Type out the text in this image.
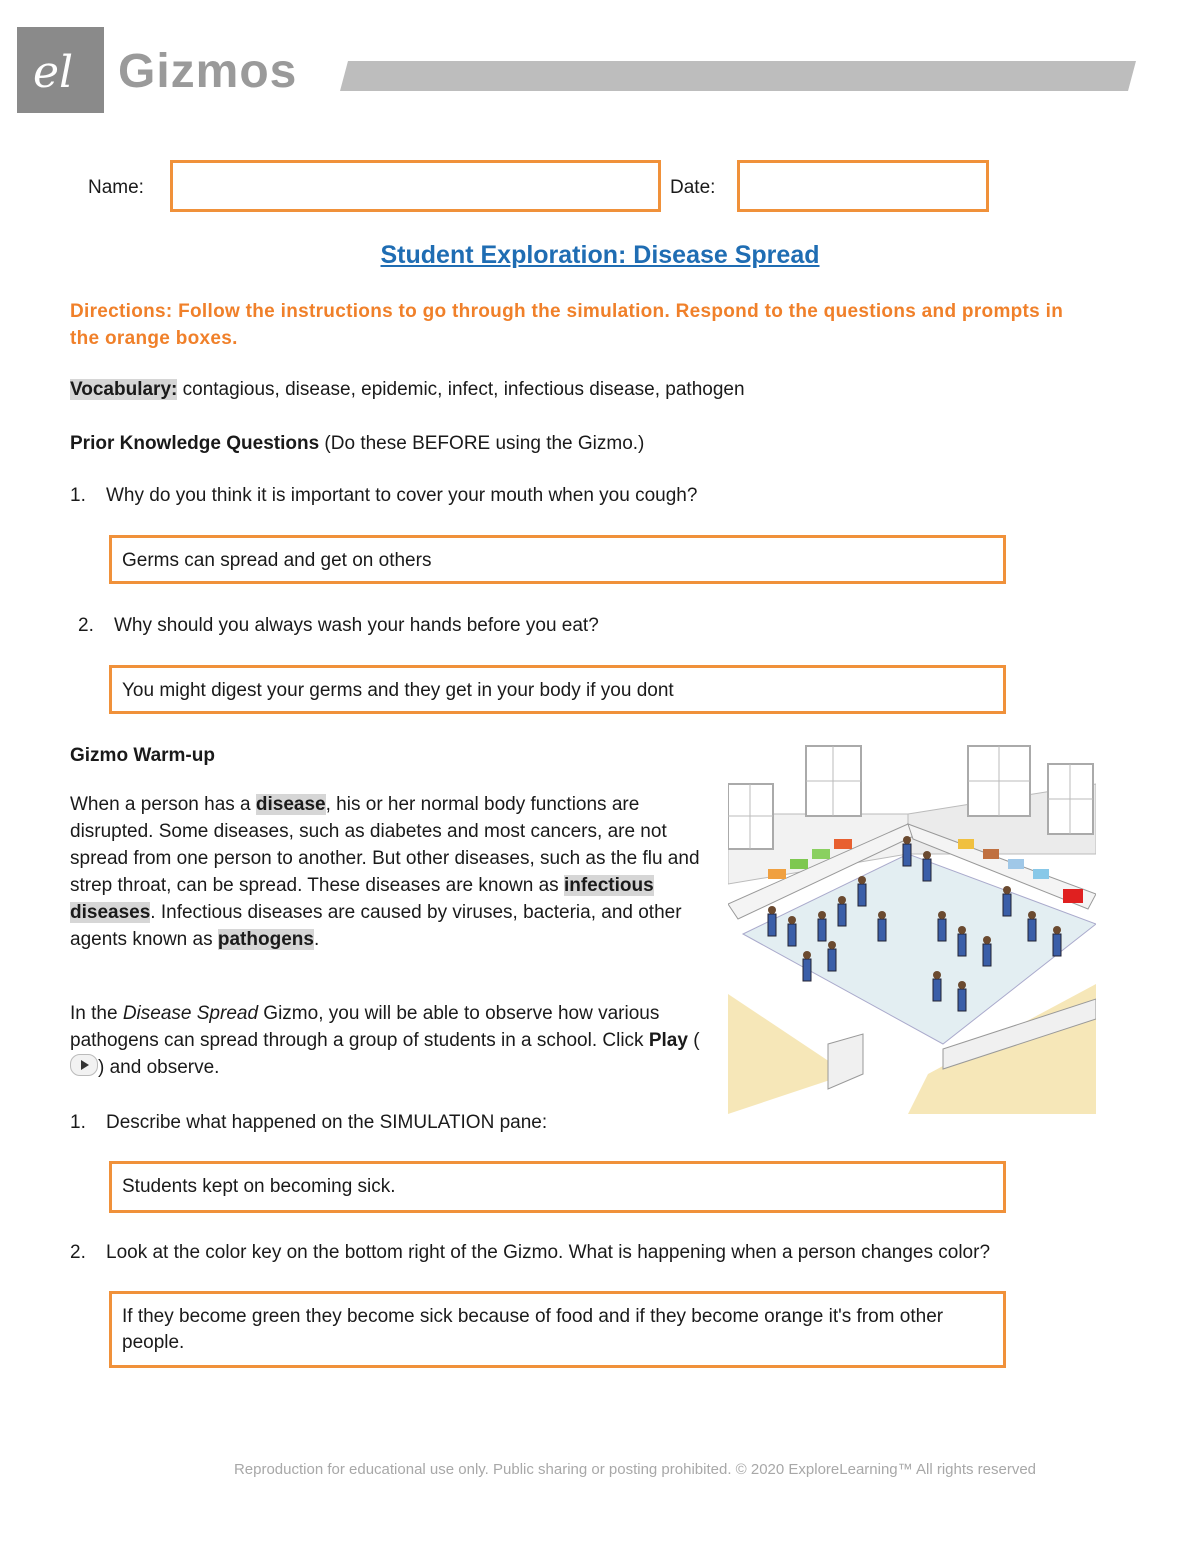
el Gizmos
Name:	Date:
Student Exploration: Disease Spread
Directions: Follow the instructions to go through the simulation. Respond to the questions and prompts in the orange boxes.
Vocabulary: contagious, disease, epidemic, infect, infectious disease, pathogen
Prior Knowledge Questions (Do these BEFORE using the Gizmo.)
1. Why do you think it is important to cover your mouth when you cough?
Germs can spread and get on others
2. Why should you always wash your hands before you eat?
You might digest your germs and they get in your body if you dont
Gizmo Warm-up
When a person has a disease, his or her normal body functions are disrupted. Some diseases, such as diabetes and most cancers, are not spread from one person to another. But other diseases, such as the flu and strep throat, can be spread. These diseases are known as infectious diseases. Infectious diseases are caused by viruses, bacteria, and other agents known as pathogens.
In the Disease Spread Gizmo, you will be able to observe how various pathogens can spread through a group of students in a school. Click Play () and observe.
1. Describe what happened on the SIMULATION pane:
Students kept on becoming sick.
2. Look at the color key on the bottom right of the Gizmo. What is happening when a person changes color?
If they become green they become sick because of food and if they become orange it's from other people.
Reproduction for educational use only. Public sharing or posting prohibited. © 2020 ExploreLearning™ All rights reserved
